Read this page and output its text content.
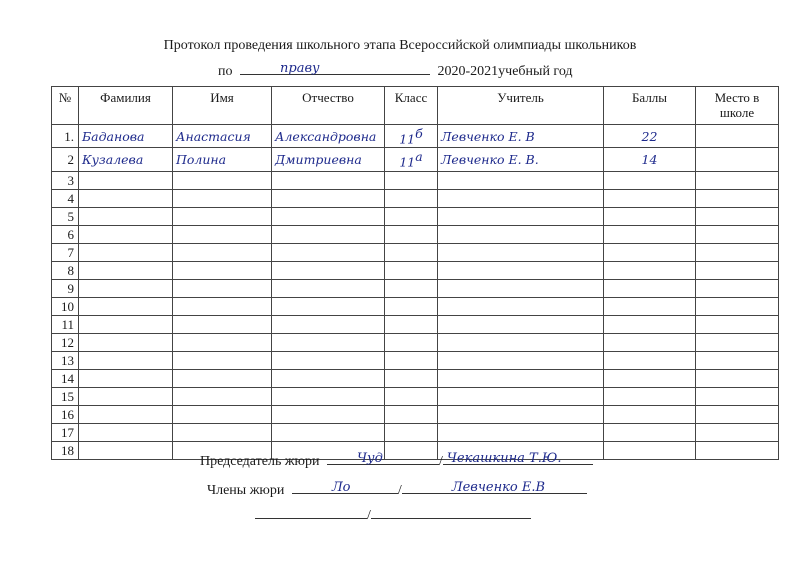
Протокол проведения школьного этапа Всероссийской олимпиады школьников
по	праву	2020-2021учебный год
№	Фамилия	Имя	Отчество	Класс	Учитель	Баллы	Место в школе
1.	Баданова	Анастасия	Александровна	$11^б$	Левченко Е. В	22	
2	Кузалева	Полина	Дмитриевна	$11^а$	Левченко Е. В.	14	
3							
4							
5							
6							
7							
8							
9							
10							
11							
12							
13							
14							
15							
16							
17							
18							
Председатель жюри	Чуд	/ Чекашкина Т.Ю.
Члены жюри	Ло	/	Левченко Е.В
/
